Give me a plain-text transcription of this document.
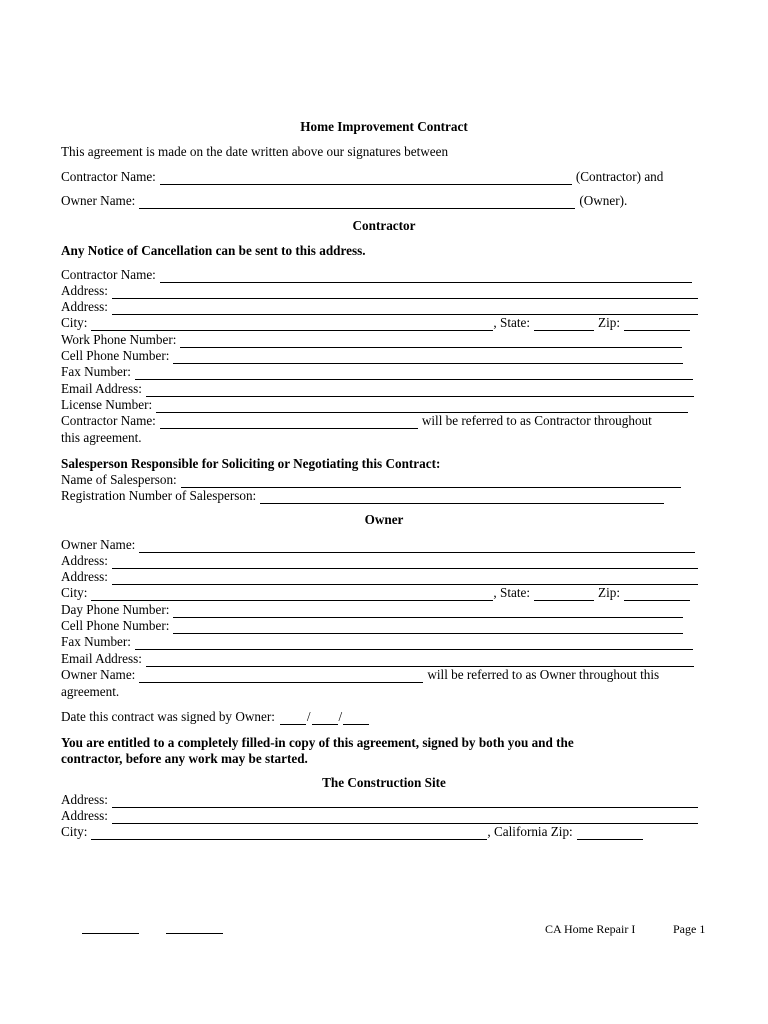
Home Improvement Contract
This agreement is made on the date written above our signatures between
Contractor Name:	(Contractor) and
Owner Name:	(Owner).
Contractor
Any Notice of Cancellation can be sent to this address.
Contractor Name:
Address:
Address:
City:	, State:	Zip:
Work Phone Number:
Cell Phone Number:
Fax Number:
Email Address:
License Number:
Contractor Name:	will be referred to as Contractor throughout
this agreement.
Salesperson Responsible for Soliciting or Negotiating this Contract:
Name of Salesperson:
Registration Number of Salesperson:
Owner
Owner Name:
Address:
Address:
City:	, State:	Zip:
Day Phone Number:
Cell Phone Number:
Fax Number:
Email Address:
Owner Name:	will be referred to as Owner throughout this
agreement.
Date this contract was signed by Owner: / /
You are entitled to a completely filled-in copy of this agreement, signed by both you and the
contractor, before any work may be started.
The Construction Site
Address:
Address:
City:	, California Zip:
CA Home Repair I	Page 1
